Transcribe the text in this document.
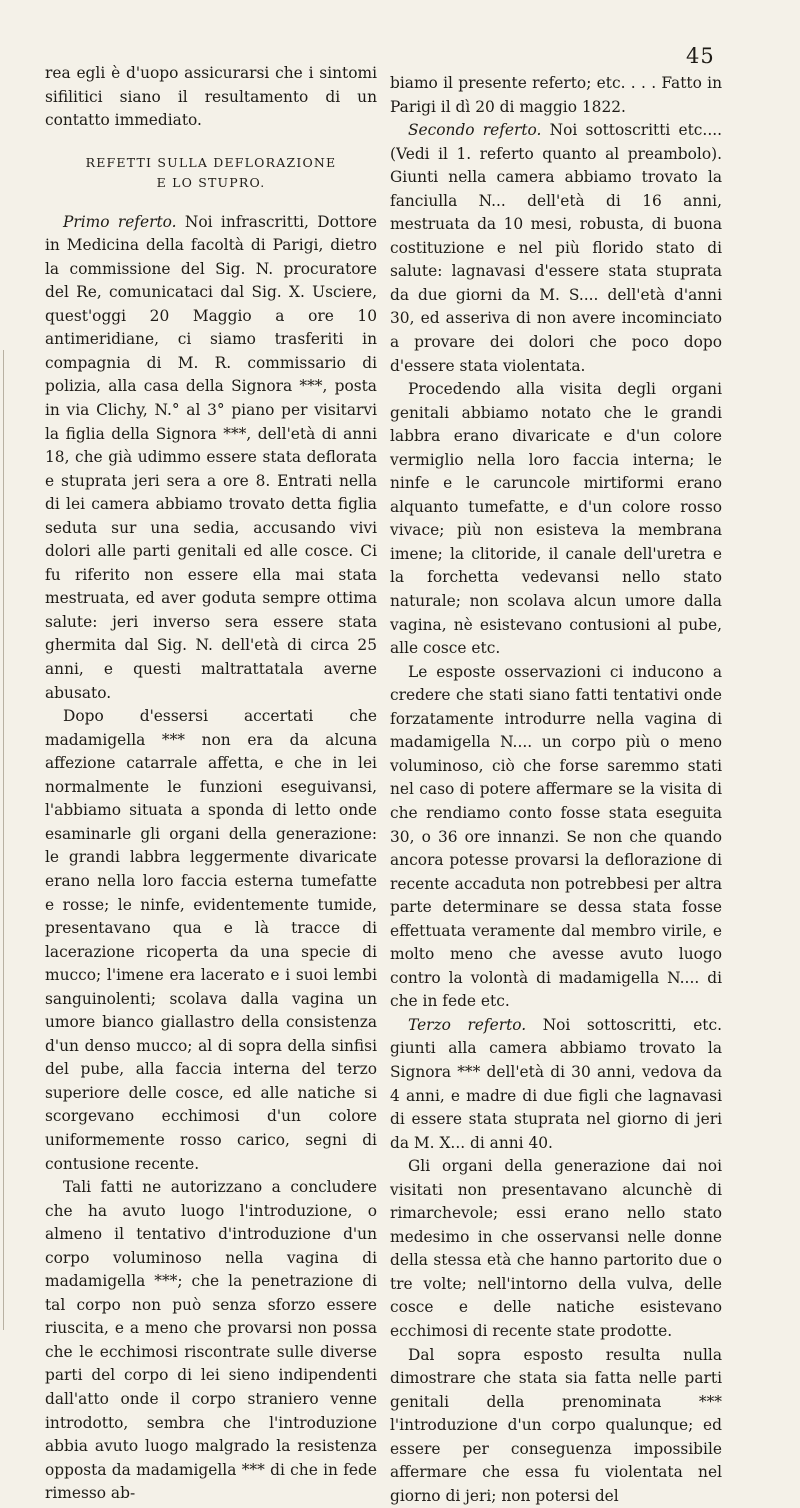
45

rea egli è d'uopo assicurarsi che i sintomi sifilitici siano il resultamento di un contatto immediato.

REFETTI SULLA DEFLORAZIONE
E LO STUPRO.

Primo referto. Noi infrascritti, Dottore in Medicina della facoltà di Parigi, dietro la commissione del Sig. N. procuratore del Re, comunicataci dal Sig. X. Usciere, quest'oggi 20 Maggio a ore 10 antimeridiane, ci siamo trasferiti in compagnia di M. R. commissario di polizia, alla casa della Signora ***, posta in via Clichy, N.° al 3° piano per visitarvi la figlia della Signora ***, dell'età di anni 18, che già udimmo essere stata deflorata e stuprata jeri sera a ore 8. Entrati nella di lei camera abbiamo trovato detta figlia seduta sur una sedia, accusando vivi dolori alle parti genitali ed alle cosce. Ci fu riferito non essere ella mai stata mestruata, ed aver goduta sempre ottima salute: jeri inverso sera essere stata ghermita dal Sig. N. dell'età di circa 25 anni, e questi maltrattatala averne abusato.

Dopo d'essersi accertati che madamigella *** non era da alcuna affezione catarrale affetta, e che in lei normalmente le funzioni eseguivansi, l'abbiamo situata a sponda di letto onde esaminarle gli organi della generazione: le grandi labbra leggermente divaricate erano nella loro faccia esterna tumefatte e rosse; le ninfe, evidentemente tumide, presentavano qua e là tracce di lacerazione ricoperta da una specie di mucco; l'imene era lacerato e i suoi lembi sanguinolenti; scolava dalla vagina un umore bianco giallastro della consistenza d'un denso mucco; al di sopra della sinfisi del pube, alla faccia interna del terzo superiore delle cosce, ed alle natiche si scorgevano ecchimosi d'un colore uniformemente rosso carico, segni di contusione recente.

Tali fatti ne autorizzano a concludere che ha avuto luogo l'introduzione, o almeno il tentativo d'introduzione d'un corpo voluminoso nella vagina di madamigella ***; che la penetrazione di tal corpo non può senza sforzo essere riuscita, e a meno che provarsi non possa che le ecchimosi riscontrate sulle diverse parti del corpo di lei sieno indipendenti dall'atto onde il corpo straniero venne introdotto, sembra che l'introduzione abbia avuto luogo malgrado la resistenza opposta da madamigella *** di che in fede rimesso ab-

biamo il presente referto; etc. . . . Fatto in Parigi il dì 20 di maggio 1822.

Secondo referto. Noi sottoscritti etc.... (Vedi il 1. referto quanto al preambolo). Giunti nella camera abbiamo trovato la fanciulla N... dell'età di 16 anni, mestruata da 10 mesi, robusta, di buona costituzione e nel più florido stato di salute: lagnavasi d'essere stata stuprata da due giorni da M. S.... dell'età d'anni 30, ed asseriva di non avere incominciato a provare dei dolori che poco dopo d'essere stata violentata.

Procedendo alla visita degli organi genitali abbiamo notato che le grandi labbra erano divaricate e d'un colore vermiglio nella loro faccia interna; le ninfe e le caruncole mirtiformi erano alquanto tumefatte, e d'un colore rosso vivace; più non esisteva la membrana imene; la clitoride, il canale dell'uretra e la forchetta vedevansi nello stato naturale; non scolava alcun umore dalla vagina, nè esistevano contusioni al pube, alle cosce etc.

Le esposte osservazioni ci inducono a credere che stati siano fatti tentativi onde forzatamente introdurre nella vagina di madamigella N.... un corpo più o meno voluminoso, ciò che forse saremmo stati nel caso di potere affermare se la visita di che rendiamo conto fosse stata eseguita 30, o 36 ore innanzi. Se non che quando ancora potesse provarsi la deflorazione di recente accaduta non potrebbesi per altra parte determinare se dessa stata fosse effettuata veramente dal membro virile, e molto meno che avesse avuto luogo contro la volontà di madamigella N.... di che in fede etc.

Terzo referto. Noi sottoscritti, etc. giunti alla camera abbiamo trovato la Signora *** dell'età di 30 anni, vedova da 4 anni, e madre di due figli che lagnavasi di essere stata stuprata nel giorno di jeri da M. X... di anni 40.

Gli organi della generazione dai noi visitati non presentavano alcunchè di rimarchevole; essi erano nello stato medesimo in che osservansi nelle donne della stessa età che hanno partorito due o tre volte; nell'intorno della vulva, delle cosce e delle natiche esistevano ecchimosi di recente state prodotte.

Dal sopra esposto resulta nulla dimostrare che stata sia fatta nelle parti genitali della prenominata *** l'introduzione d'un corpo qualunque; ed essere per conseguenza impossibile affermare che essa fu violentata nel giorno di jeri; non potersi del
